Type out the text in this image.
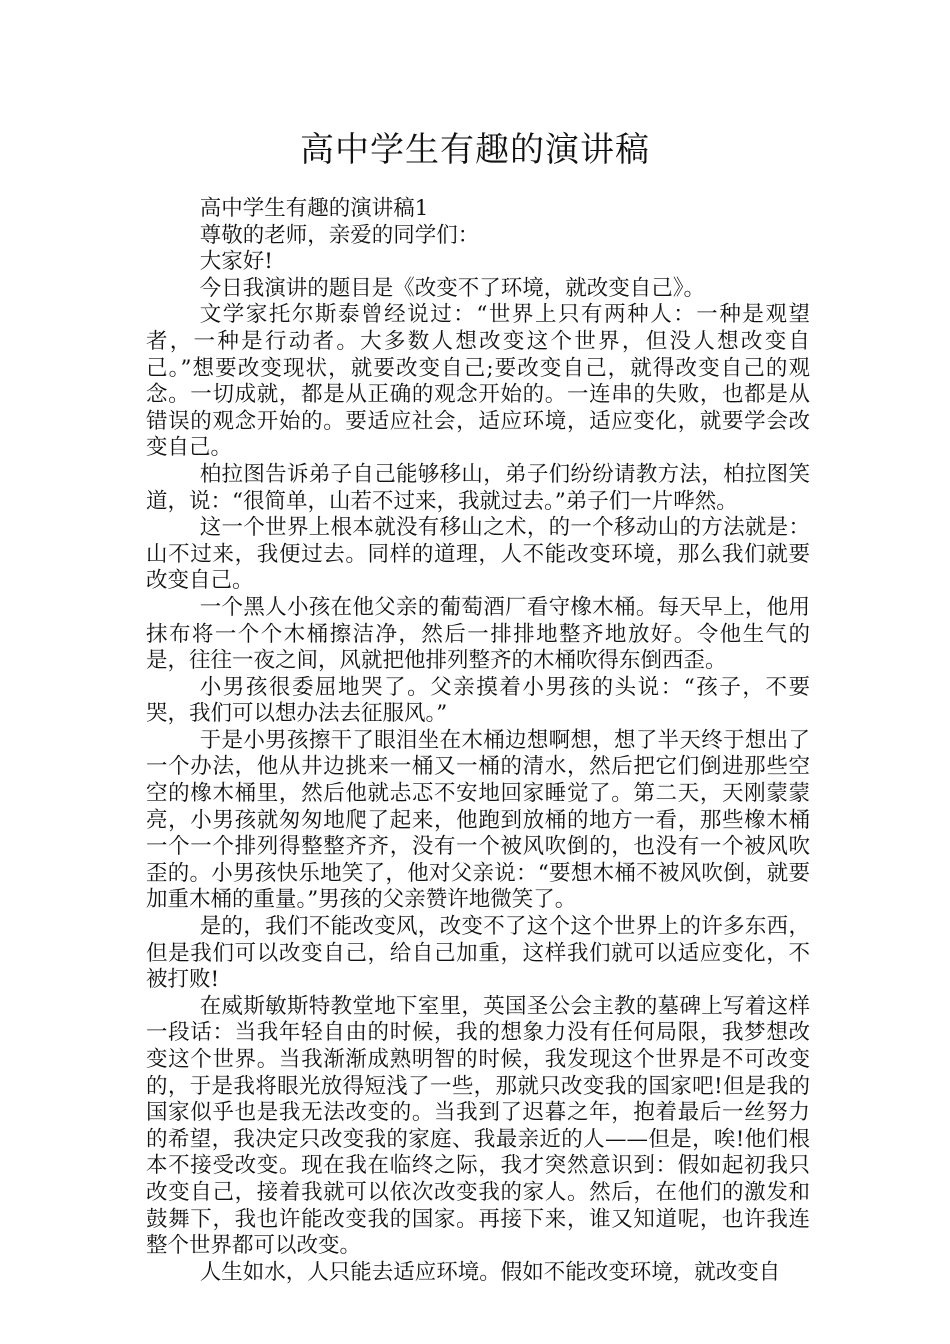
高中学生有趣的演讲稿

高中学生有趣的演讲稿1

尊敬的老师，亲爱的同学们：

大家好!

今日我演讲的题目是《改变不了环境，就改变自己》。

文学家托尔斯泰曾经说过：“世界上只有两种人：一种是观望者，一种是行动者。大多数人想改变这个世界，但没人想改变自己。”想要改变现状，就要改变自己;要改变自己，就得改变自己的观念。一切成就，都是从正确的观念开始的。一连串的失败，也都是从错误的观念开始的。要适应社会，适应环境，适应变化，就要学会改变自己。

柏拉图告诉弟子自己能够移山，弟子们纷纷请教方法，柏拉图笑道，说：“很简单，山若不过来，我就过去。”弟子们一片哗然。

这一个世界上根本就没有移山之术，的一个移动山的方法就是：山不过来，我便过去。同样的道理，人不能改变环境，那么我们就要改变自己。

一个黑人小孩在他父亲的葡萄酒厂看守橡木桶。每天早上，他用抹布将一个个木桶擦洁净，然后一排排地整齐地放好。令他生气的是，往往一夜之间，风就把他排列整齐的木桶吹得东倒西歪。

小男孩很委屈地哭了。父亲摸着小男孩的头说：“孩子，不要哭，我们可以想办法去征服风。”

于是小男孩擦干了眼泪坐在木桶边想啊想，想了半天终于想出了一个办法，他从井边挑来一桶又一桶的清水，然后把它们倒进那些空空的橡木桶里，然后他就忐忑不安地回家睡觉了。第二天，天刚蒙蒙亮，小男孩就匆匆地爬了起来，他跑到放桶的地方一看，那些橡木桶一个一个排列得整整齐齐，没有一个被风吹倒的，也没有一个被风吹歪的。小男孩快乐地笑了，他对父亲说：“要想木桶不被风吹倒，就要加重木桶的重量。”男孩的父亲赞许地微笑了。

是的，我们不能改变风，改变不了这个这个世界上的许多东西，但是我们可以改变自己，给自己加重，这样我们就可以适应变化，不被打败!

在威斯敏斯特教堂地下室里，英国圣公会主教的墓碑上写着这样一段话：当我年轻自由的时候，我的想象力没有任何局限，我梦想改变这个世界。当我渐渐成熟明智的时候，我发现这个世界是不可改变的，于是我将眼光放得短浅了一些，那就只改变我的国家吧!但是我的国家似乎也是我无法改变的。当我到了迟暮之年，抱着最后一丝努力的希望，我决定只改变我的家庭、我最亲近的人——但是，唉!他们根本不接受改变。现在我在临终之际，我才突然意识到：假如起初我只改变自己，接着我就可以依次改变我的家人。然后，在他们的激发和鼓舞下，我也许能改变我的国家。再接下来，谁又知道呢，也许我连整个世界都可以改变。

人生如水，人只能去适应环境。假如不能改变环境，就改变自
